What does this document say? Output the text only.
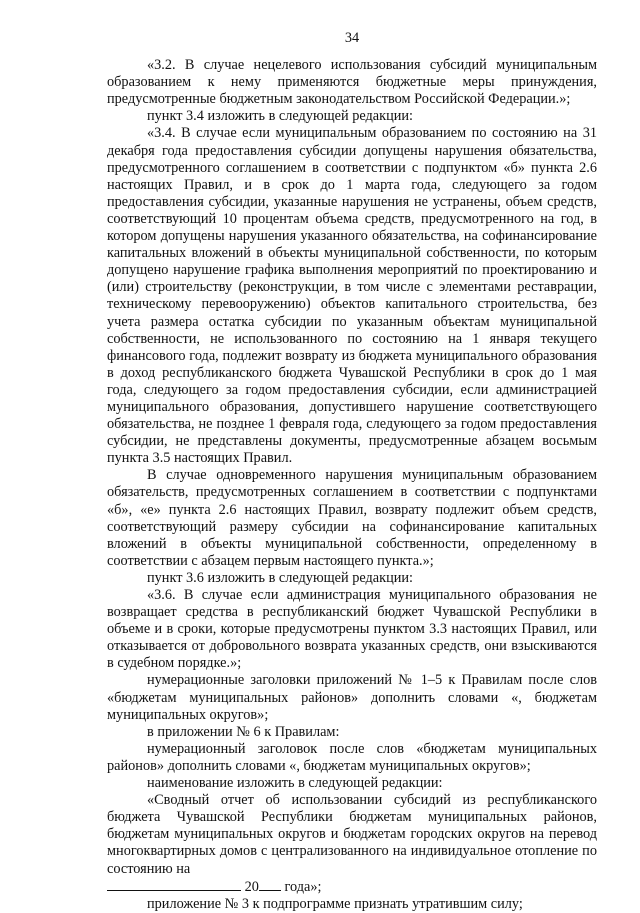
34

«3.2. В случае нецелевого использования субсидий муниципальным образованием к нему применяются бюджетные меры принуждения, предусмотренные бюджетным законодательством Российской Федерации.»;

пункт 3.4 изложить в следующей редакции:

«3.4. В случае если муниципальным образованием по состоянию на 31 декабря года предоставления субсидии допущены нарушения обязательства, предусмотренного соглашением в соответствии с подпунктом «б» пункта 2.6 настоящих Правил, и в срок до 1 марта года, следующего за годом предоставления субсидии, указанные нарушения не устранены, объем средств, соответствующий 10 процентам объема средств, предусмотренного на год, в котором допущены нарушения указанного обязательства, на софинансирование капитальных вложений в объекты муниципальной собственности, по которым допущено нарушение графика выполнения мероприятий по проектированию и (или) строительству (реконструкции, в том числе с элементами реставрации, техническому перевооружению) объектов капитального строительства, без учета размера остатка субсидии по указанным объектам муниципальной собственности, не использованного по состоянию на 1 января текущего финансового года, подлежит возврату из бюджета муниципального образования в доход республиканского бюджета Чувашской Республики в срок до 1 мая года, следующего за годом предоставления субсидии, если администрацией муниципального образования, допустившего нарушение соответствующего обязательства, не позднее 1 февраля года, следующего за годом предоставления субсидии, не представлены документы, предусмотренные абзацем восьмым пункта 3.5 настоящих Правил.

В случае одновременного нарушения муниципальным образованием обязательств, предусмотренных соглашением в соответствии с подпунктами «б», «е» пункта 2.6 настоящих Правил, возврату подлежит объем средств, соответствующий размеру субсидии на софинансирование капитальных вложений в объекты муниципальной собственности, определенному в соответствии с абзацем первым настоящего пункта.»;

пункт 3.6 изложить в следующей редакции:

«3.6. В случае если администрация муниципального образования не возвращает средства в республиканский бюджет Чувашской Республики в объеме и в сроки, которые предусмотрены пунктом 3.3 настоящих Правил, или отказывается от добровольного возврата указанных средств, они взыскиваются в судебном порядке.»;

нумерационные заголовки приложений № 1–5 к Правилам после слов «бюджетам муниципальных районов» дополнить словами «, бюджетам муниципальных округов»;

в приложении № 6 к Правилам:

нумерационный заголовок после слов «бюджетам муниципальных районов» дополнить словами «, бюджетам муниципальных округов»;

наименование изложить в следующей редакции:

«Сводный отчет об использовании субсидий из республиканского бюджета Чувашской Республики бюджетам муниципальных районов, бюджетам муниципальных округов и бюджетам городских округов на перевод многоквартирных домов с централизованного на индивидуальное отопление по состоянию на
20 года»;

приложение № 3 к подпрограмме признать утратившим силу;
